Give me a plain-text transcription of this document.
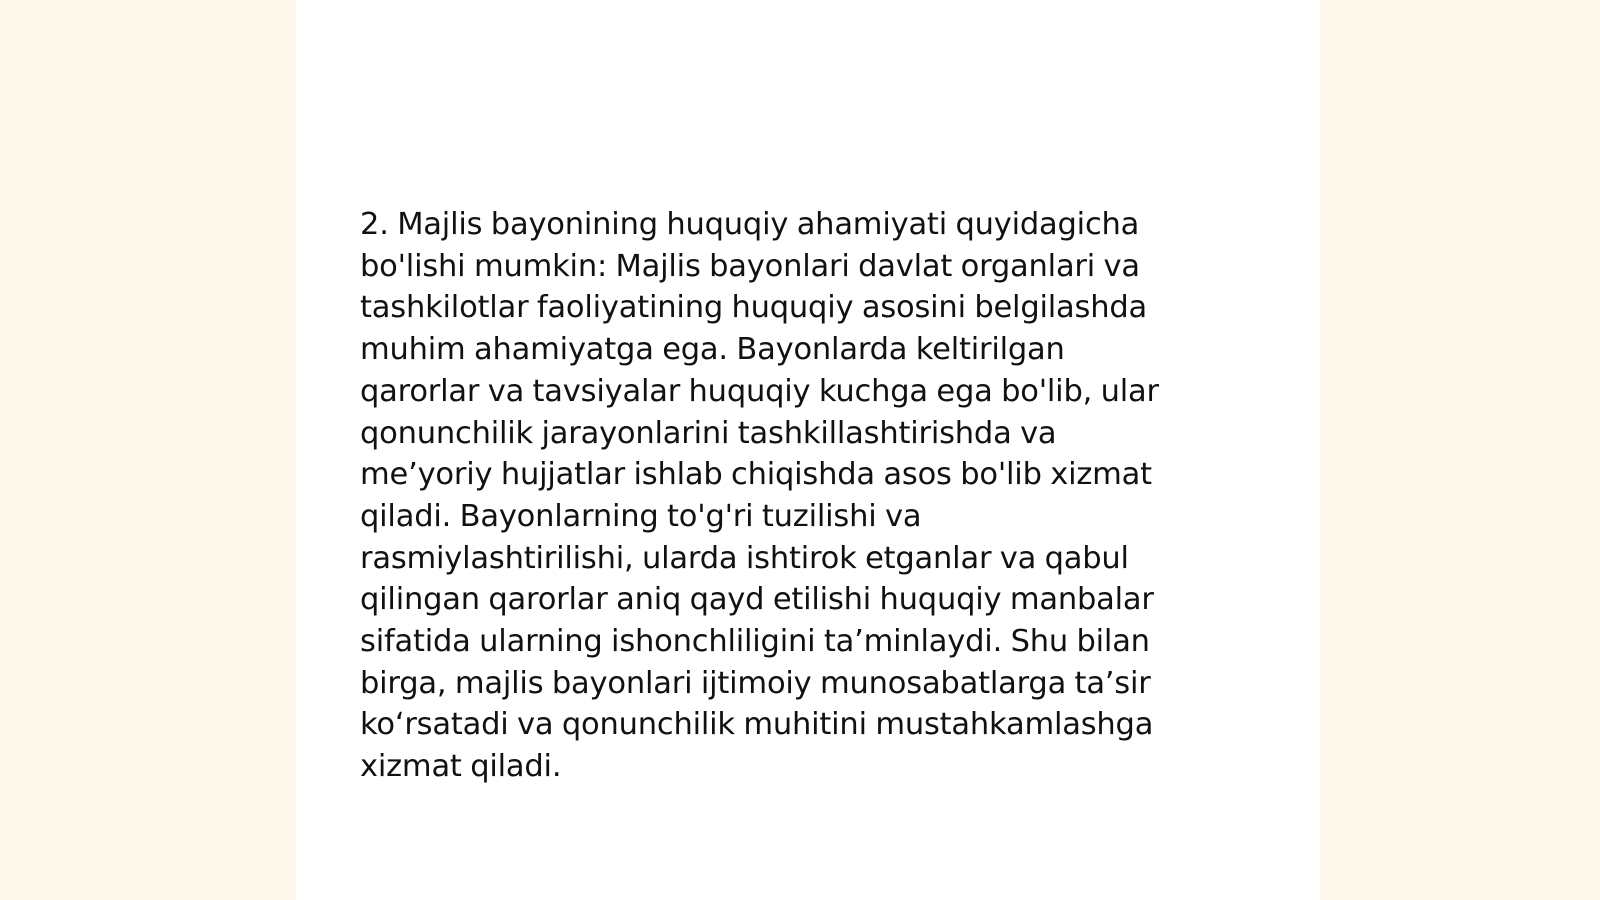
2. Majlis bayonining huquqiy ahamiyati quyidagicha
bo'lishi mumkin: Majlis bayonlari davlat organlari va
tashkilotlar faoliyatining huquqiy asosini belgilashda
muhim ahamiyatga ega. Bayonlarda keltirilgan
qarorlar va tavsiyalar huquqiy kuchga ega bo'lib, ular
qonunchilik jarayonlarini tashkillashtirishda va
me’yoriy hujjatlar ishlab chiqishda asos bo'lib xizmat
qiladi. Bayonlarning to'g'ri tuzilishi va
rasmiylashtirilishi, ularda ishtirok etganlar va qabul
qilingan qarorlar aniq qayd etilishi huquqiy manbalar
sifatida ularning ishonchliligini ta’minlaydi. Shu bilan
birga, majlis bayonlari ijtimoiy munosabatlarga ta’sir
ko‘rsatadi va qonunchilik muhitini mustahkamlashga
xizmat qiladi.
